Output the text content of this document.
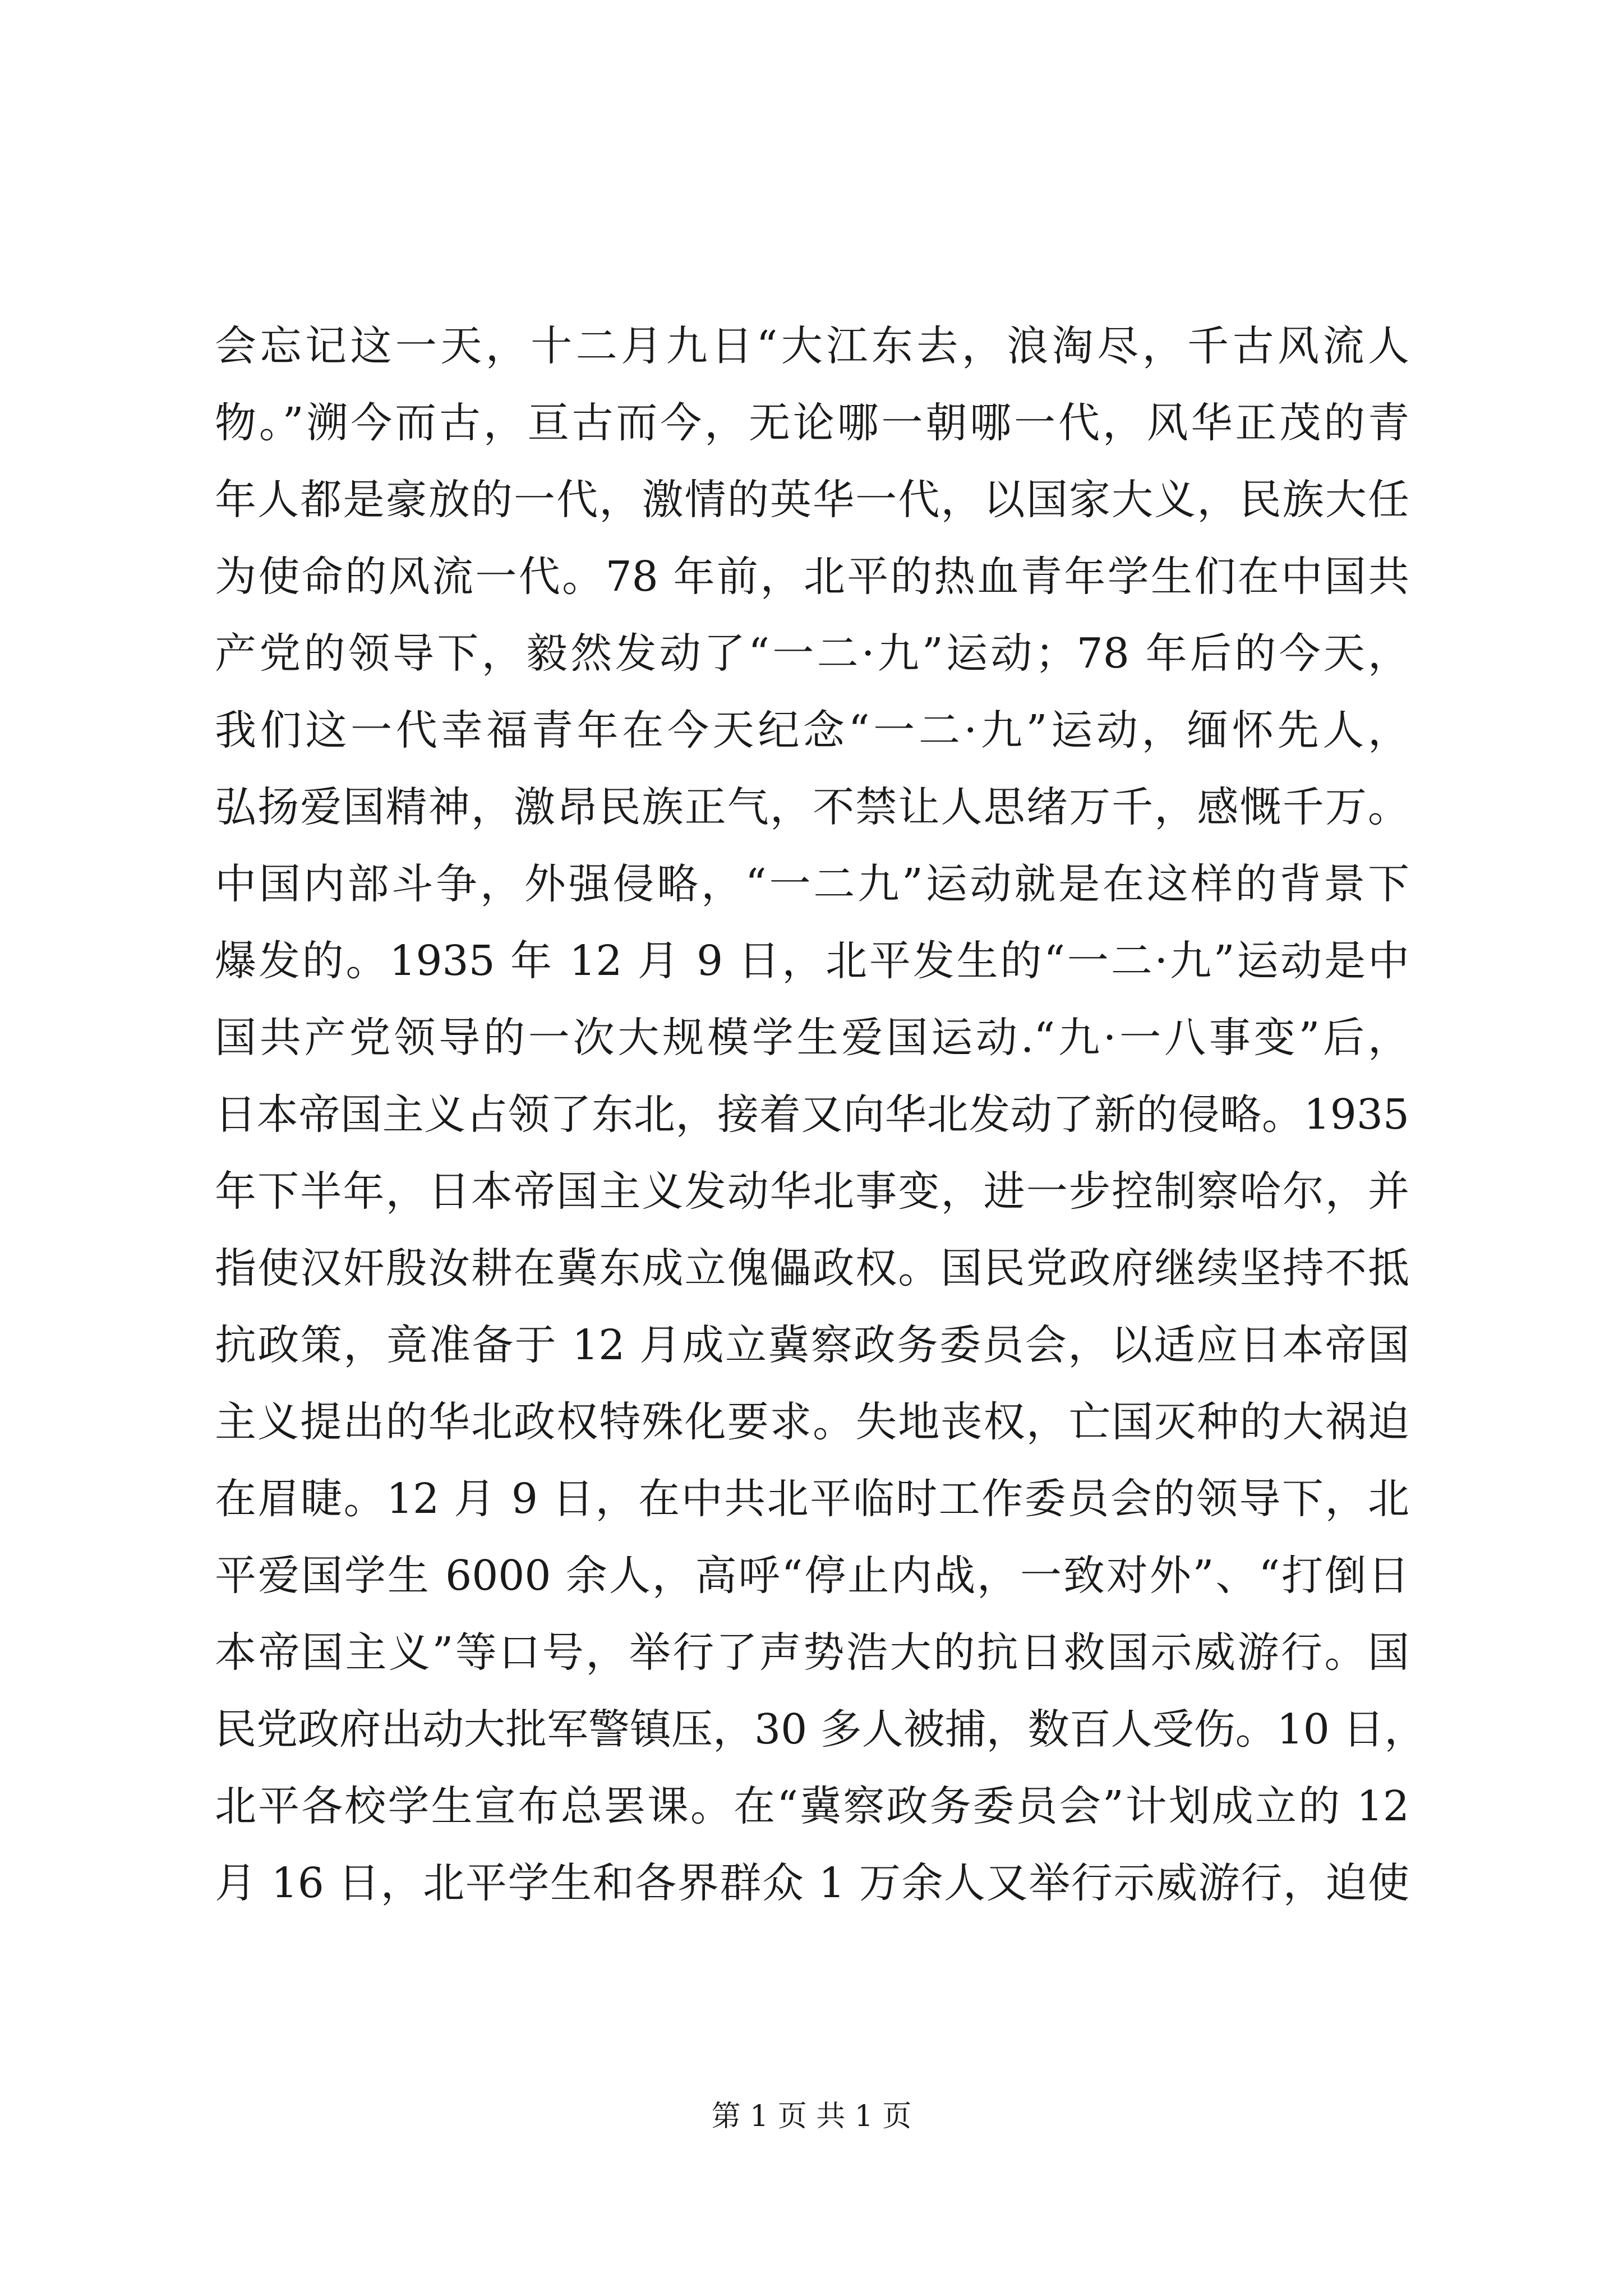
会忘记这一天，十二月九日“大江东去，浪淘尽，千古风流人
物。”溯今而古，亘古而今，无论哪一朝哪一代，风华正茂的青
年人都是豪放的一代，激情的英华一代，以国家大义，民族大任
为使命的风流一代。78 年前，北平的热血青年学生们在中国共
产党的领导下，毅然发动了“一二·九”运动；78 年后的今天，
我们这一代幸福青年在今天纪念“一二·九”运动，缅怀先人，
弘扬爱国精神，激昂民族正气，不禁让人思绪万千，感慨千万。
中国内部斗争，外强侵略，“一二九”运动就是在这样的背景下
爆发的。1935 年 12 月 9 日，北平发生的“一二·九”运动是中
国共产党领导的一次大规模学生爱国运动.“九·一八事变”后，
日本帝国主义占领了东北，接着又向华北发动了新的侵略。1935
年下半年，日本帝国主义发动华北事变，进一步控制察哈尔，并
指使汉奸殷汝耕在冀东成立傀儡政权。国民党政府继续坚持不抵
抗政策，竟准备于 12 月成立冀察政务委员会，以适应日本帝国
主义提出的华北政权特殊化要求。失地丧权，亡国灭种的大祸迫
在眉睫。12 月 9 日，在中共北平临时工作委员会的领导下，北
平爱国学生 6000 余人，高呼“停止内战，一致对外”、“打倒日
本帝国主义”等口号，举行了声势浩大的抗日救国示威游行。国
民党政府出动大批军警镇压，30 多人被捕，数百人受伤。10 日，
北平各校学生宣布总罢课。在“冀察政务委员会”计划成立的 12
月 16 日，北平学生和各界群众 1 万余人又举行示威游行，迫使
第 1 页 共 1 页
